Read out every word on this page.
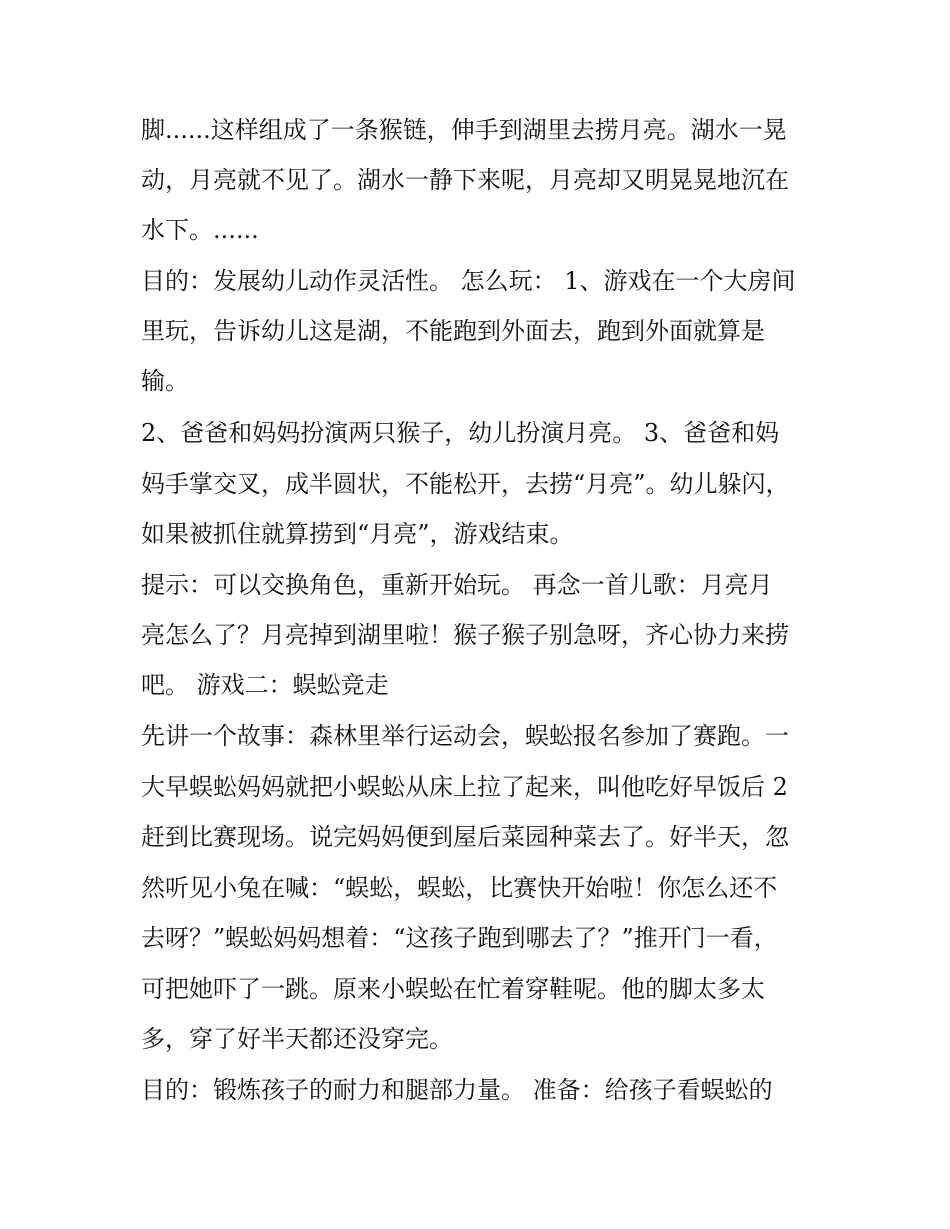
脚......这样组成了一条猴链，伸手到湖里去捞月亮。湖水一晃
动，月亮就不见了。湖水一静下来呢，月亮却又明晃晃地沉在
水下。......
目的：发展幼儿动作灵活性。 怎么玩： 1、游戏在一个大房间
里玩，告诉幼儿这是湖，不能跑到外面去，跑到外面就算是
输。
2、爸爸和妈妈扮演两只猴子，幼儿扮演月亮。 3、爸爸和妈
妈手掌交叉，成半圆状，不能松开，去捞“月亮”。幼儿躲闪，
如果被抓住就算捞到“月亮”，游戏结束。
提示：可以交换角色，重新开始玩。 再念一首儿歌：月亮月
亮怎么了？月亮掉到湖里啦！猴子猴子别急呀，齐心协力来捞
吧。 游戏二：蜈蚣竞走
先讲一个故事：森林里举行运动会，蜈蚣报名参加了赛跑。一
大早蜈蚣妈妈就把小蜈蚣从床上拉了起来，叫他吃好早饭后 2
赶到比赛现场。说完妈妈便到屋后菜园种菜去了。好半天，忽
然听见小兔在喊：“蜈蚣，蜈蚣，比赛快开始啦！你怎么还不
去呀？”蜈蚣妈妈想着：“这孩子跑到哪去了？”推开门一看，
可把她吓了一跳。原来小蜈蚣在忙着穿鞋呢。他的脚太多太
多，穿了好半天都还没穿完。
目的：锻炼孩子的耐力和腿部力量。 准备：给孩子看蜈蚣的
